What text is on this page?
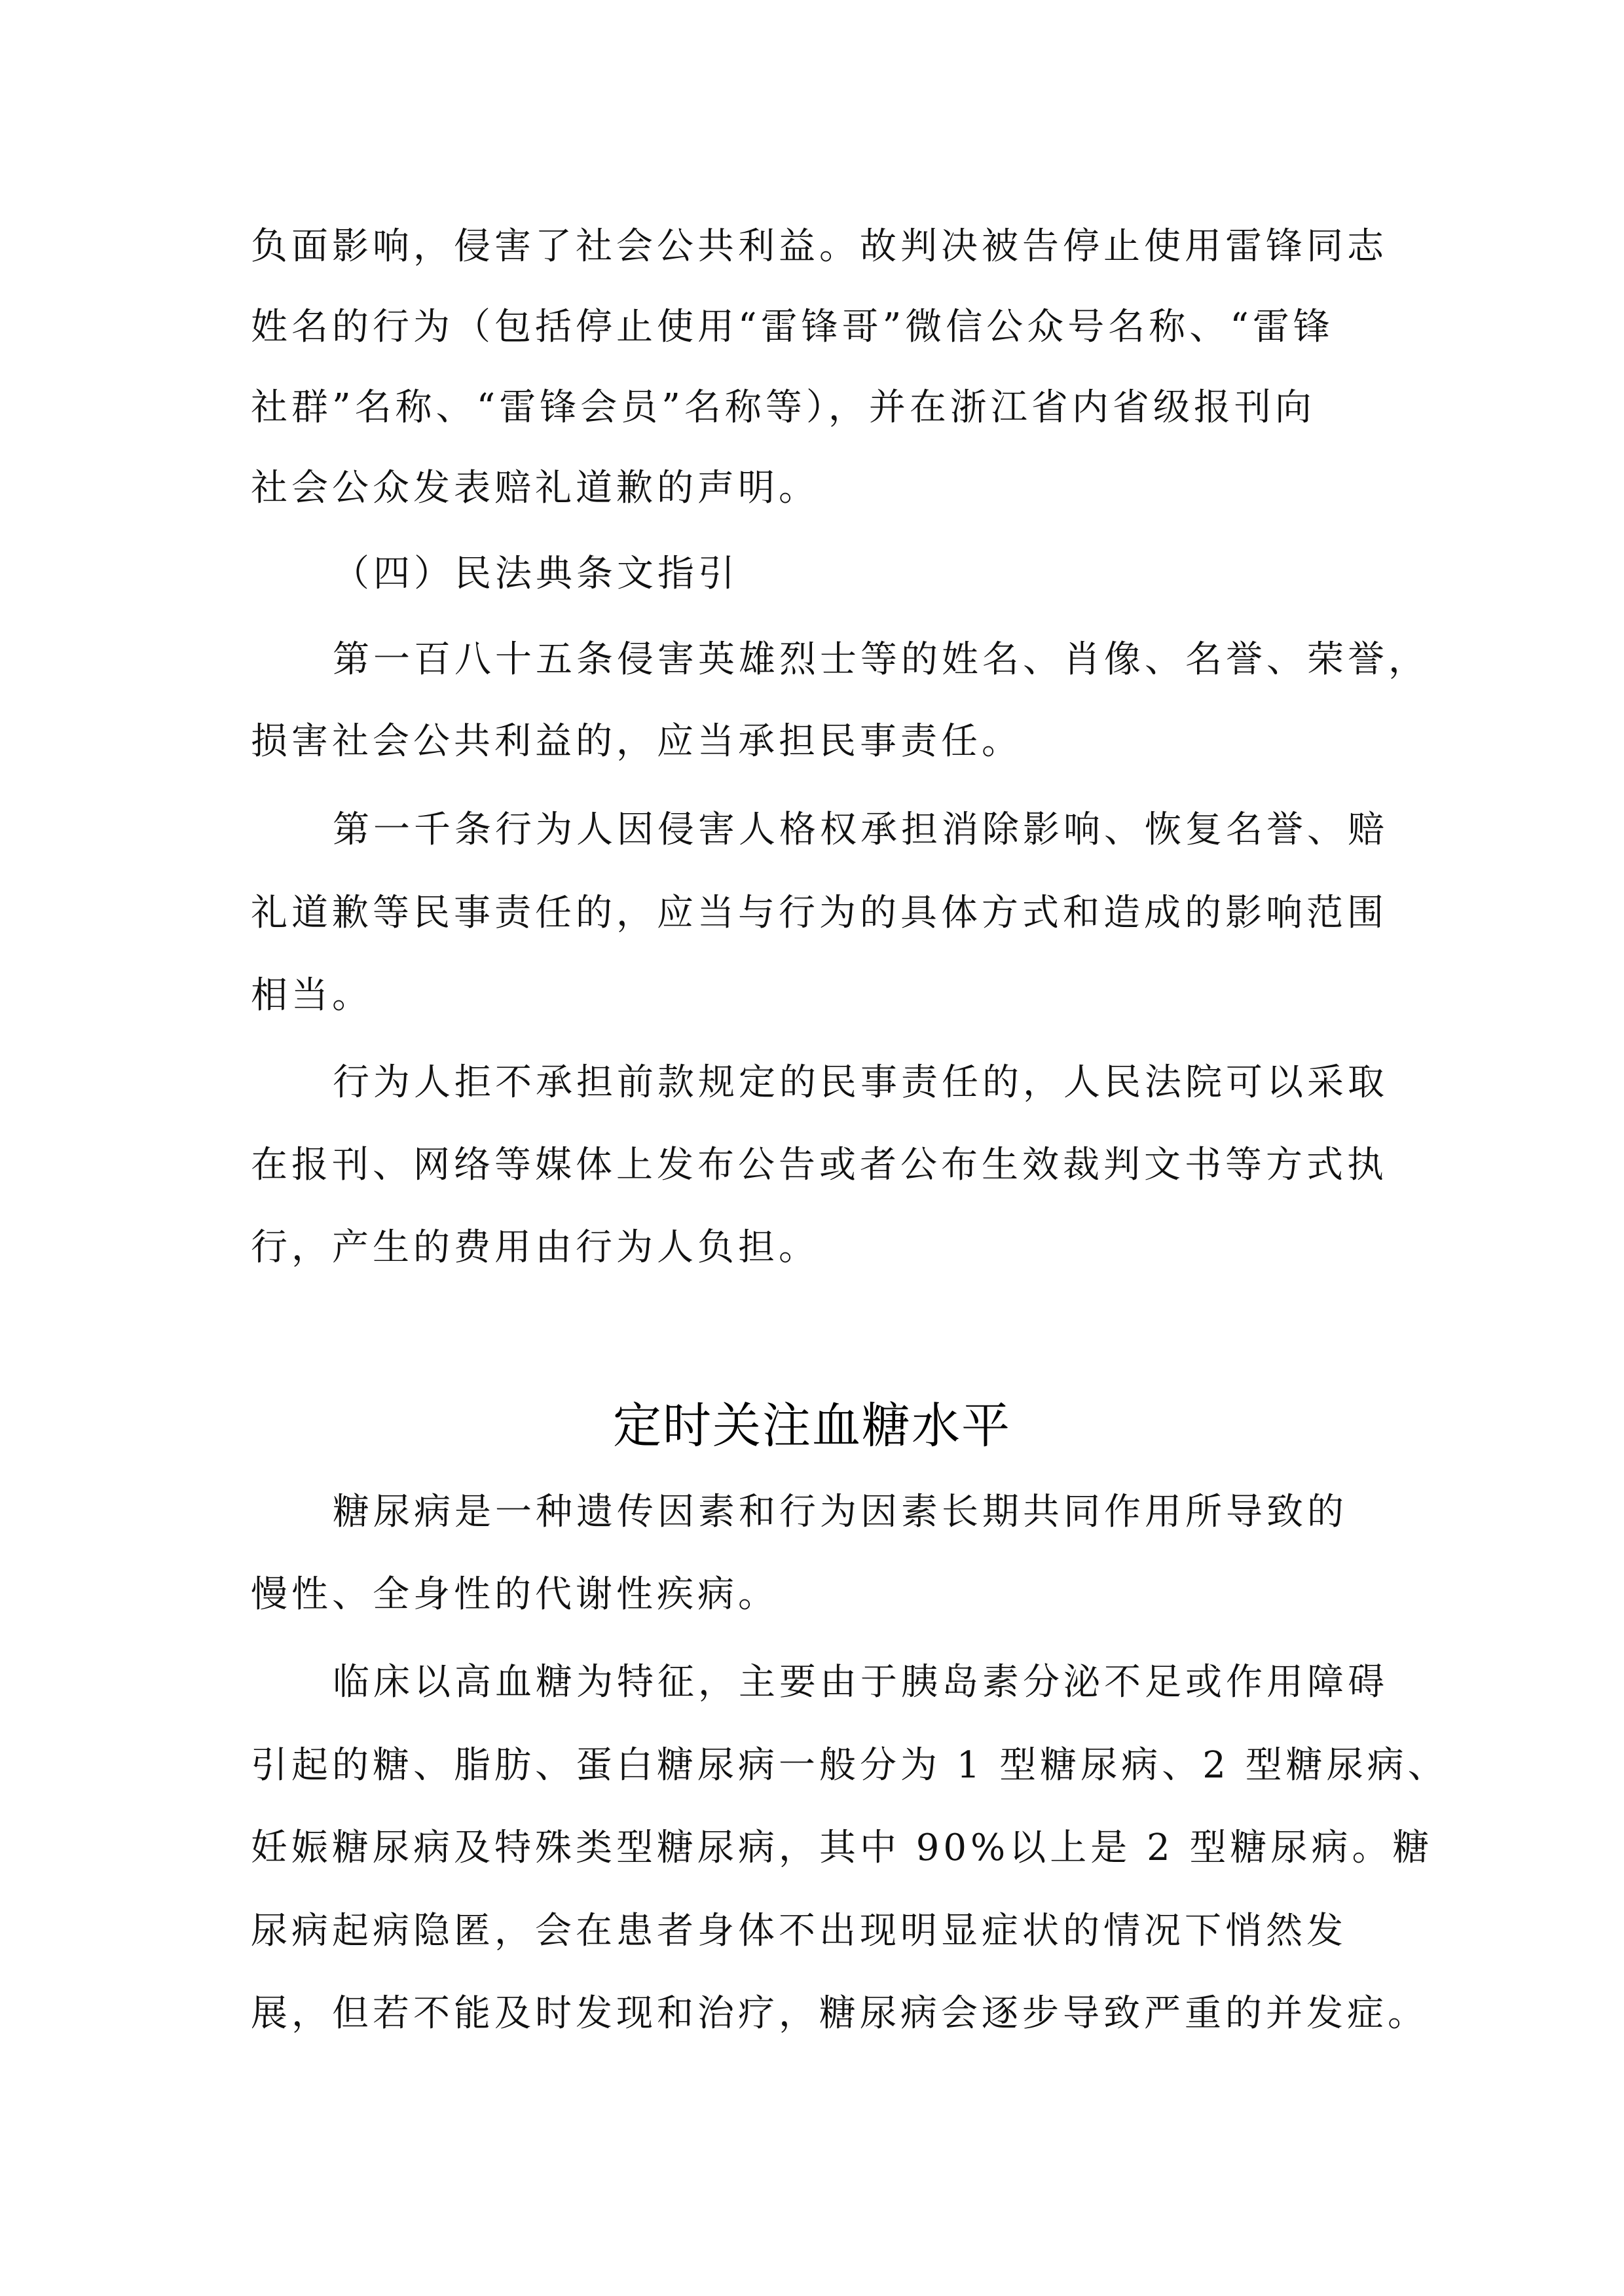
负面影响，侵害了社会公共利益。故判决被告停止使用雷锋同志
姓名的行为（包括停止使用“雷锋哥”微信公众号名称、“雷锋
社群”名称、“雷锋会员”名称等），并在浙江省内省级报刊向
社会公众发表赔礼道歉的声明。
（四）民法典条文指引
第一百八十五条侵害英雄烈士等的姓名、肖像、名誉、荣誉，
损害社会公共利益的，应当承担民事责任。
第一千条行为人因侵害人格权承担消除影响、恢复名誉、赔
礼道歉等民事责任的，应当与行为的具体方式和造成的影响范围
相当。
行为人拒不承担前款规定的民事责任的，人民法院可以采取
在报刊、网络等媒体上发布公告或者公布生效裁判文书等方式执
行，产生的费用由行为人负担。
定时关注血糖水平
糖尿病是一种遗传因素和行为因素长期共同作用所导致的
慢性、全身性的代谢性疾病。
临床以高血糖为特征，主要由于胰岛素分泌不足或作用障碍
引起的糖、脂肪、蛋白糖尿病一般分为 1 型糖尿病、2 型糖尿病、
妊娠糖尿病及特殊类型糖尿病，其中 90%以上是 2 型糖尿病。糖
尿病起病隐匿，会在患者身体不出现明显症状的情况下悄然发
展，但若不能及时发现和治疗，糖尿病会逐步导致严重的并发症。
